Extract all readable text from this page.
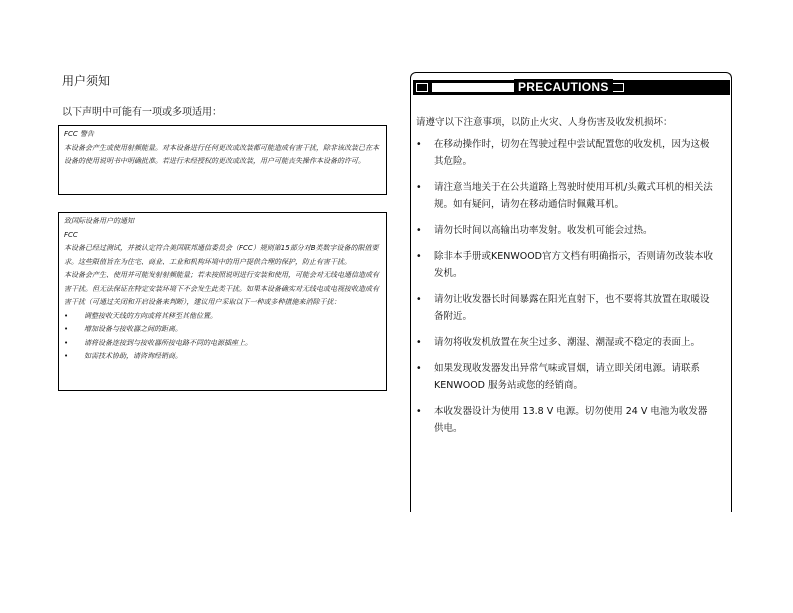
用户须知
以下声明中可能有一项或多项适用：
FCC 警告
本设备会产生或使用射频能量。对本设备进行任何更改或改装都可能造成有害干扰，除非该改装已在本设备的使用说明书中明确批准。若进行未经授权的更改或改装，用户可能丧失操作本设备的许可。
致国际设备用户的通知
FCC
本设备已经过测试，并被认定符合美国联邦通信委员会（FCC）规则第15部分对B类数字设备的限值要求。这些限值旨在为住宅、商业、工业和机构环境中的用户提供合理的保护，防止有害干扰。
本设备会产生、使用并可能发射射频能量；若未按照说明进行安装和使用，可能会对无线电通信造成有害干扰。但无法保证在特定安装环境下不会发生此类干扰。如果本设备确实对无线电或电视接收造成有害干扰（可通过关闭和开启设备来判断），建议用户采取以下一种或多种措施来消除干扰：
•	调整接收天线的方向或将其移至其他位置。
•	增加设备与接收器之间的距离。
•	请将设备连接到与接收器所接电路不同的电源插座上。
•	如需技术协助，请咨询经销商。
PRECAUTIONS
请遵守以下注意事项，以防止火灾、人身伤害及收发机损坏：
•	在移动操作时，切勿在驾驶过程中尝试配置您的收发机，因为这极其危险。
•	请注意当地关于在公共道路上驾驶时使用耳机/头戴式耳机的相关法规。如有疑问，请勿在移动通信时佩戴耳机。
•	请勿长时间以高输出功率发射。收发机可能会过热。
•	除非本手册或KENWOOD官方文档有明确指示，否则请勿改装本收发机。
•	请勿让收发器长时间暴露在阳光直射下，也不要将其放置在取暖设备附近。
•	请勿将收发机放置在灰尘过多、潮湿、潮湿或不稳定的表面上。
•	如果发现收发器发出异常气味或冒烟，请立即关闭电源。请联系 KENWOOD 服务站或您的经销商。
•	本收发器设计为使用 13.8 V 电源。切勿使用 24 V 电池为收发器供电。
